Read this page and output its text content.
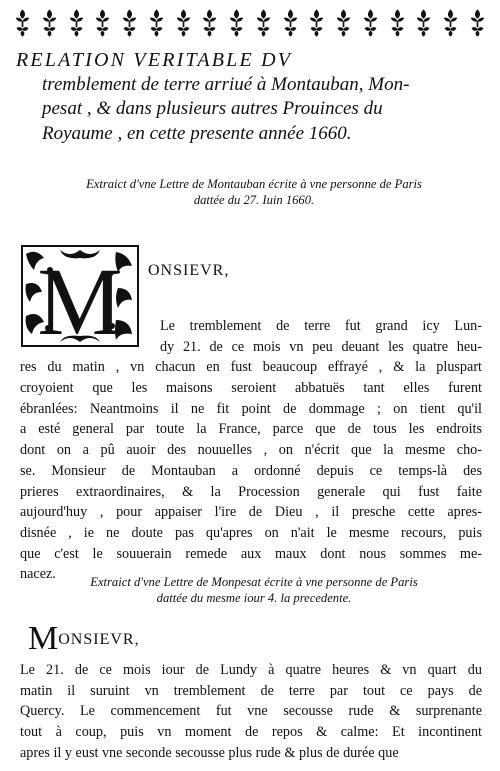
RELATION VERITABLE DV
tremblement de terre arriué à Montauban, Mon-
pesat , & dans plusieurs autres Prouinces du
Royaume , en cette presente année 1660.
Extraict d'vne Lettre de Montauban écrite à vne personne de Paris
dattée du 27. Iuin 1660.
M ONSIEVR,
Le tremblement de terre fut grand icy Lun-
dy 21. de ce mois vn peu deuant les quatre heu-
res du matin , vn chacun en fust beaucoup effrayé , & la pluspart
croyoient que les maisons seroient abbatuës tant elles furent
ébranlées: Neantmoins il ne fit point de dommage ; on tient qu'il
a esté general par toute la France, parce que de tous les endroits
dont on a pû auoir des nouuelles , on n'écrit que la mesme cho-
se. Monsieur de Montauban a ordonné depuis ce temps-là des
prieres extraordinaires, & la Procession generale qui fust faite
aujourd'huy , pour appaiser l'ire de Dieu , il presche cette apres-
disnée , ie ne doute pas qu'apres on n'ait le mesme recours, puis
que c'est le souuerain remede aux maux dont nous sommes me-
nacez.	Extraict d'vne Lettre de Monpesat écrite à vne personne de Paris
dattée du mesme iour 4. la precedente.
MONSIEVR,
Le 21. de ce mois iour de Lundy à quatre heures & vn quart du
matin il suruint vn tremblement de terre par tout ce pays de
Quercy. Le commencement fut vne secousse rude & surprenante
tout à coup, puis vn moment de repos & calme: Et incontinent
apres il y eust vne seconde secousse plus rude & plus de durée que
